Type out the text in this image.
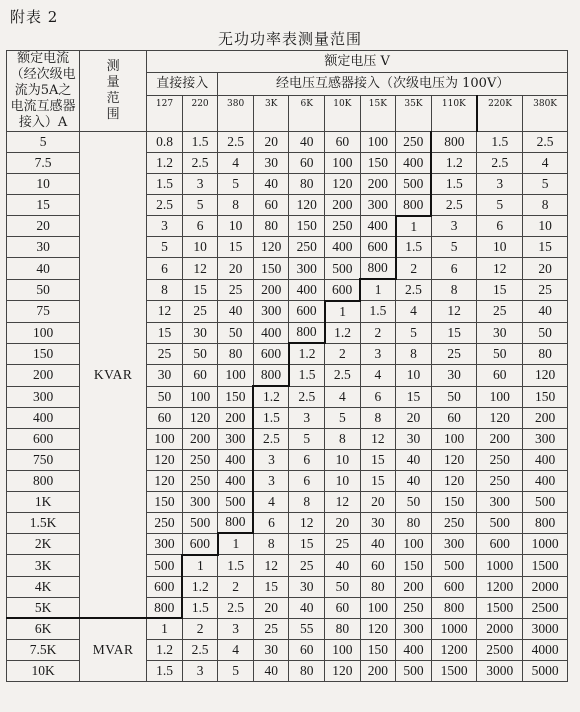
附表 2
无功功率表测量范围
额定电流（经次级电流为5A之电流互感器接入）A	测量范围	额定电压 V										
		直接接入		经电压互感器接入（次级电压为 100V）								
		127	220	380	3K	6K	10K	15K	35K	110K	220K	380K
5	KVAR	0.8	1.5	2.5	20	40	60	100	250	800	1.5	2.5
7.5		1.2	2.5	4	30	60	100	150	400	1.2	2.5	4
10		1.5	3	5	40	80	120	200	500	1.5	3	5
15		2.5	5	8	60	120	200	300	800	2.5	5	8
20		3	6	10	80	150	250	400	1	3	6	10
30		5	10	15	120	250	400	600	1.5	5	10	15
40		6	12	20	150	300	500	800	2	6	12	20
50		8	15	25	200	400	600	1	2.5	8	15	25
75		12	25	40	300	600	1	1.5	4	12	25	40
100		15	30	50	400	800	1.2	2	5	15	30	50
150		25	50	80	600	1.2	2	3	8	25	50	80
200		30	60	100	800	1.5	2.5	4	10	30	60	120
300		50	100	150	1.2	2.5	4	6	15	50	100	150
400		60	120	200	1.5	3	5	8	20	60	120	200
600		100	200	300	2.5	5	8	12	30	100	200	300
750		120	250	400	3	6	10	15	40	120	250	400
800		120	250	400	3	6	10	15	40	120	250	400
1K		150	300	500	4	8	12	20	50	150	300	500
1.5K		250	500	800	6	12	20	30	80	250	500	800
2K		300	600	1	8	15	25	40	100	300	600	1000
3K		500	1	1.5	12	25	40	60	150	500	1000	1500
4K		600	1.2	2	15	30	50	80	200	600	1200	2000
5K		800	1.5	2.5	20	40	60	100	250	800	1500	2500
6K	MVAR	1	2	3	25	55	80	120	300	1000	2000	3000
7.5K		1.2	2.5	4	30	60	100	150	400	1200	2500	4000
10K		1.5	3	5	40	80	120	200	500	1500	3000	5000
